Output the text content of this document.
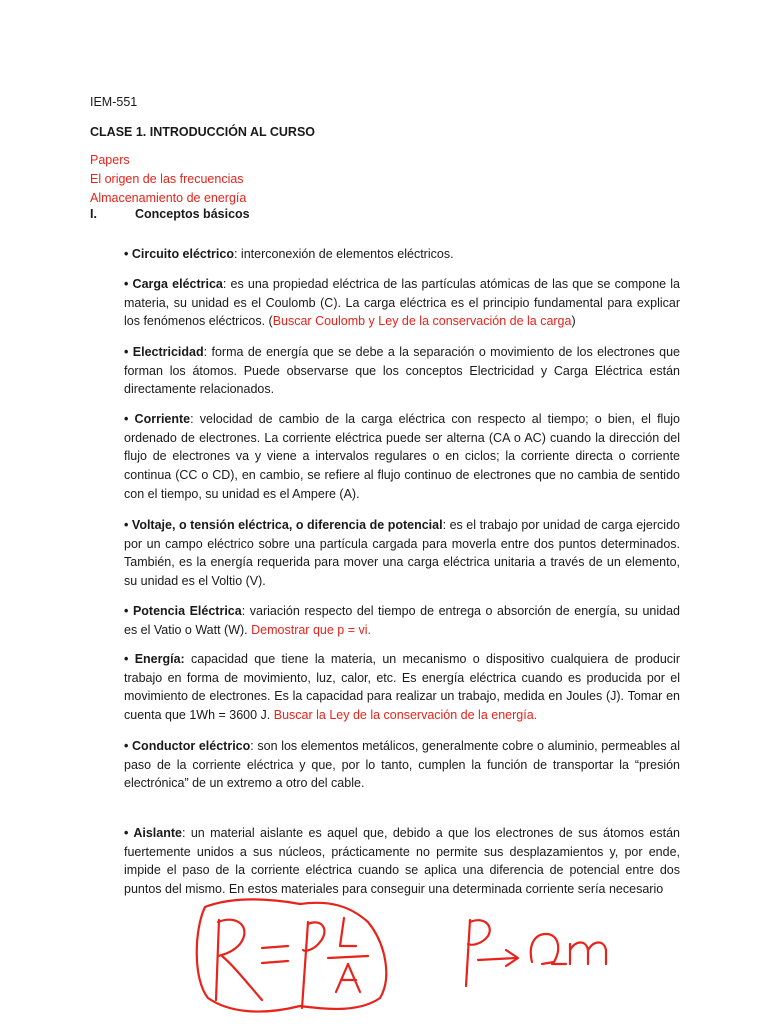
IEM-551
CLASE 1. INTRODUCCIÓN AL CURSO
Papers
El origen de las frecuencias
Almacenamiento de energía
I.	Conceptos básicos
• Circuito eléctrico: interconexión de elementos eléctricos.
• Carga eléctrica: es una propiedad eléctrica de las partículas atómicas de las que se compone la materia, su unidad es el Coulomb (C). La carga eléctrica es el principio fundamental para explicar los fenómenos eléctricos. (Buscar Coulomb y Ley de la conservación de la carga)
• Electricidad: forma de energía que se debe a la separación o movimiento de los electrones que forman los átomos. Puede observarse que los conceptos Electricidad y Carga Eléctrica están directamente relacionados.
• Corriente: velocidad de cambio de la carga eléctrica con respecto al tiempo; o bien, el flujo ordenado de electrones. La corriente eléctrica puede ser alterna (CA o AC) cuando la dirección del flujo de electrones va y viene a intervalos regulares o en ciclos; la corriente directa o corriente continua (CC o CD), en cambio, se refiere al flujo continuo de electrones que no cambia de sentido con el tiempo, su unidad es el Ampere (A).
• Voltaje, o tensión eléctrica, o diferencia de potencial: es el trabajo por unidad de carga ejercido por un campo eléctrico sobre una partícula cargada para moverla entre dos puntos determinados. También, es la energía requerida para mover una carga eléctrica unitaria a través de un elemento, su unidad es el Voltio (V).
• Potencia Eléctrica: variación respecto del tiempo de entrega o absorción de energía, su unidad es el Vatio o Watt (W). Demostrar que p = vi.
• Energía: capacidad que tiene la materia, un mecanismo o dispositivo cualquiera de producir trabajo en forma de movimiento, luz, calor, etc. Es energía eléctrica cuando es producida por el movimiento de electrones. Es la capacidad para realizar un trabajo, medida en Joules (J). Tomar en cuenta que 1Wh = 3600 J. Buscar la Ley de la conservación de la energía.
• Conductor eléctrico: son los elementos metálicos, generalmente cobre o aluminio, permeables al paso de la corriente eléctrica y que, por lo tanto, cumplen la función de transportar la “presión electrónica” de un extremo a otro del cable.
• Aislante: un material aislante es aquel que, debido a que los electrones de sus átomos están fuertemente unidos a sus núcleos, prácticamente no permite sus desplazamientos y, por ende, impide el paso de la corriente eléctrica cuando se aplica una diferencia de potencial entre dos puntos del mismo. En estos materiales para conseguir una determinada corriente sería necesario
